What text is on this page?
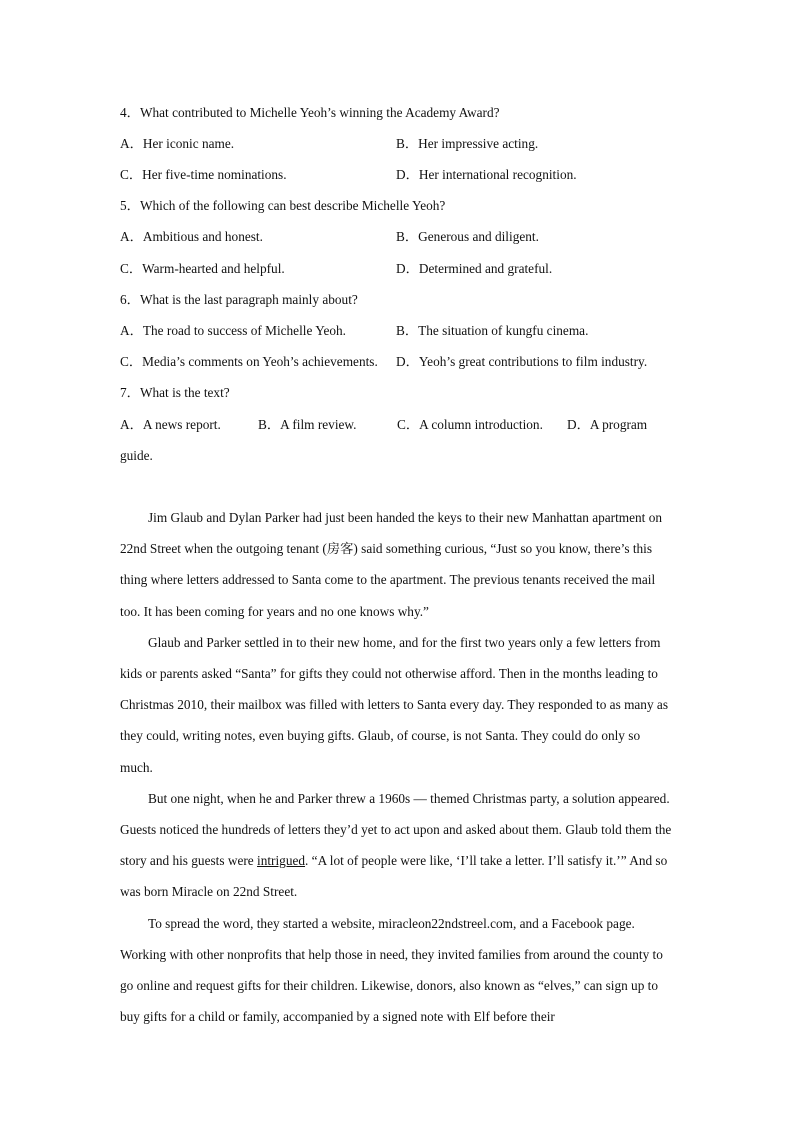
4．What contributed to Michelle Yeoh’s winning the Academy Award?
A．Her iconic name.	B．Her impressive acting.
C．Her five-time nominations.	D．Her international recognition.
5．Which of the following can best describe Michelle Yeoh?
A．Ambitious and honest.	B．Generous and diligent.
C．Warm-hearted and helpful.	D．Determined and grateful.
6．What is the last paragraph mainly about?
A．The road to success of Michelle Yeoh.	B．The situation of kungfu cinema.
C．Media’s comments on Yeoh’s achievements. D．Yeoh’s great contributions to film industry.
7．What is the text?
A．A news report.	B．A film review.	C．A column introduction. D．A program
guide.

Jim Glaub and Dylan Parker had just been handed the keys to their new Manhattan apartment on 22nd Street when the outgoing tenant (房客) said something curious, “Just so you know, there’s this thing where letters addressed to Santa come to the apartment. The previous tenants received the mail too. It has been coming for years and no one knows why.”

Glaub and Parker settled in to their new home, and for the first two years only a few letters from kids or parents asked “Santa” for gifts they could not otherwise afford. Then in the months leading to Christmas 2010, their mailbox was filled with letters to Santa every day. They responded to as many as they could, writing notes, even buying gifts. Glaub, of course, is not Santa. They could do only so much.

But one night, when he and Parker threw a 1960s — themed Christmas party, a solution appeared. Guests noticed the hundreds of letters they’d yet to act upon and asked about them. Glaub told them the story and his guests were intrigued. “A lot of people were like, ‘I’ll take a letter. I’ll satisfy it.’” And so was born Miracle on 22nd Street.

To spread the word, they started a website, miracleon22ndstreel.com, and a Facebook page. Working with other nonprofits that help those in need, they invited families from around the county to go online and request gifts for their children. Likewise, donors, also known as “elves,” can sign up to buy gifts for a child or family, accompanied by a signed note with Elf before their
